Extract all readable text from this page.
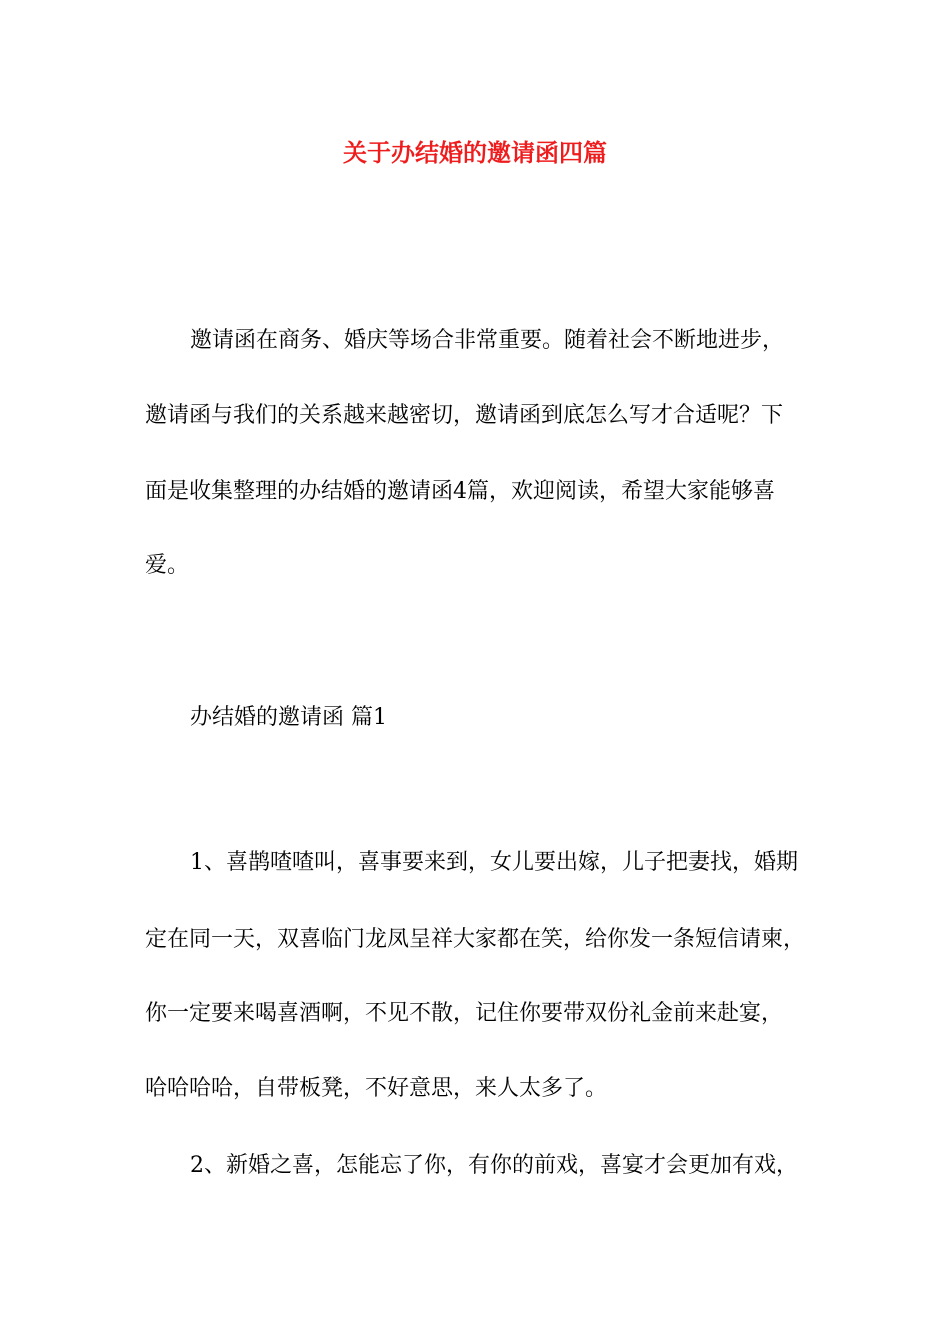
关于办结婚的邀请函四篇
邀请函在商务、婚庆等场合非常重要。随着社会不断地进步，
邀请函与我们的关系越来越密切，邀请函到底怎么写才合适呢？下
面是收集整理的办结婚的邀请函4篇，欢迎阅读，希望大家能够喜
爱。
办结婚的邀请函 篇1
1、喜鹊喳喳叫，喜事要来到，女儿要出嫁，儿子把妻找，婚期
定在同一天，双喜临门龙凤呈祥大家都在笑，给你发一条短信请柬，
你一定要来喝喜酒啊，不见不散，记住你要带双份礼金前来赴宴，
哈哈哈哈，自带板凳，不好意思，来人太多了。
2、新婚之喜，怎能忘了你，有你的前戏，喜宴才会更加有戏，
